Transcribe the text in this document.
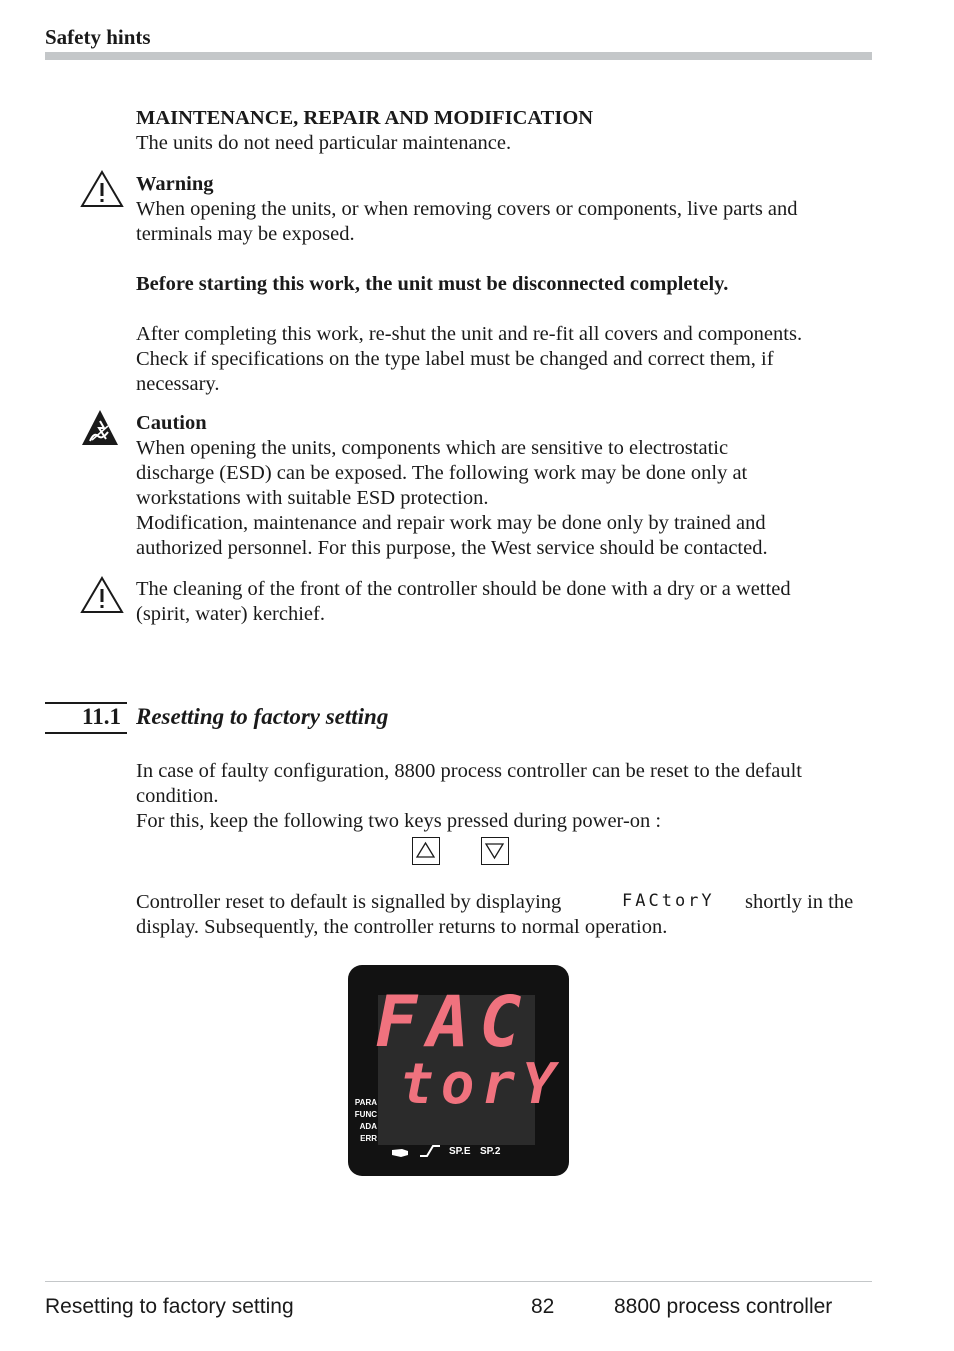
Safety hints
MAINTENANCE, REPAIR AND MODIFICATION
The units do not need particular maintenance.
Warning
When opening the units, or when removing covers or components, live parts and
terminals may be exposed.
Before starting this work, the unit must be disconnected completely.
After completing this work, re-shut the unit and re-fit all covers and components.
Check if specifications on the type label must be changed and correct them, if
necessary.
Caution
When opening the units, components which are sensitive to electrostatic
discharge (ESD) can be exposed. The following work may be done only at
workstations with suitable ESD protection.
Modification, maintenance and repair work may be done only by trained and
authorized personnel. For this purpose, the West service should be contacted.
The cleaning of the front of the controller should be done with a dry or a wetted
(spirit, water) kerchief.
11.1 Resetting to factory setting
In case of faulty configuration, 8800 process controller can be reset to the default
condition.
For this, keep the following two keys pressed during power-on :
Controller reset to default is signalled by displaying	FACtorY shortly in the
display. Subsequently, the controller returns to normal operation.
FAC
torY
PARA
FUNC
ADA
ERR
SP.E SP.2
Resetting to factory setting	82	8800 process controller
